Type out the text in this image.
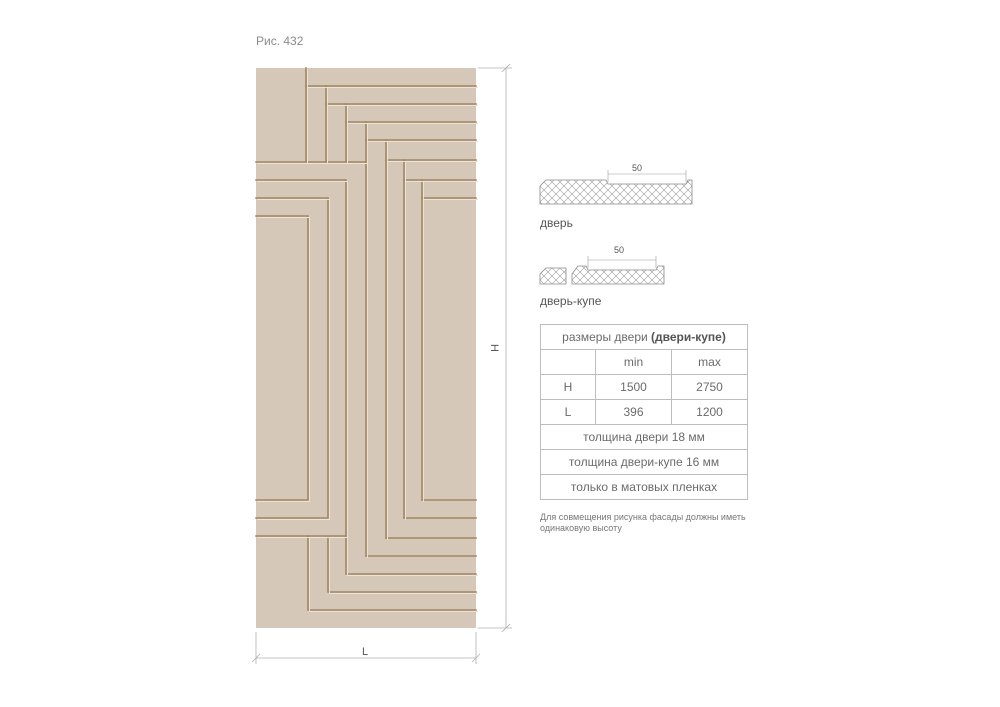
Рис. 432
L
H
50
дверь
50
дверь-купе
размеры двери (двери-купе)		
	min	max
H	1500	2750
L	396	1200
толщина двери 18 мм		
толщина двери-купе 16 мм		
только в матовых пленках		
Для совмещения рисунка фасады должны иметь одинаковую высоту
